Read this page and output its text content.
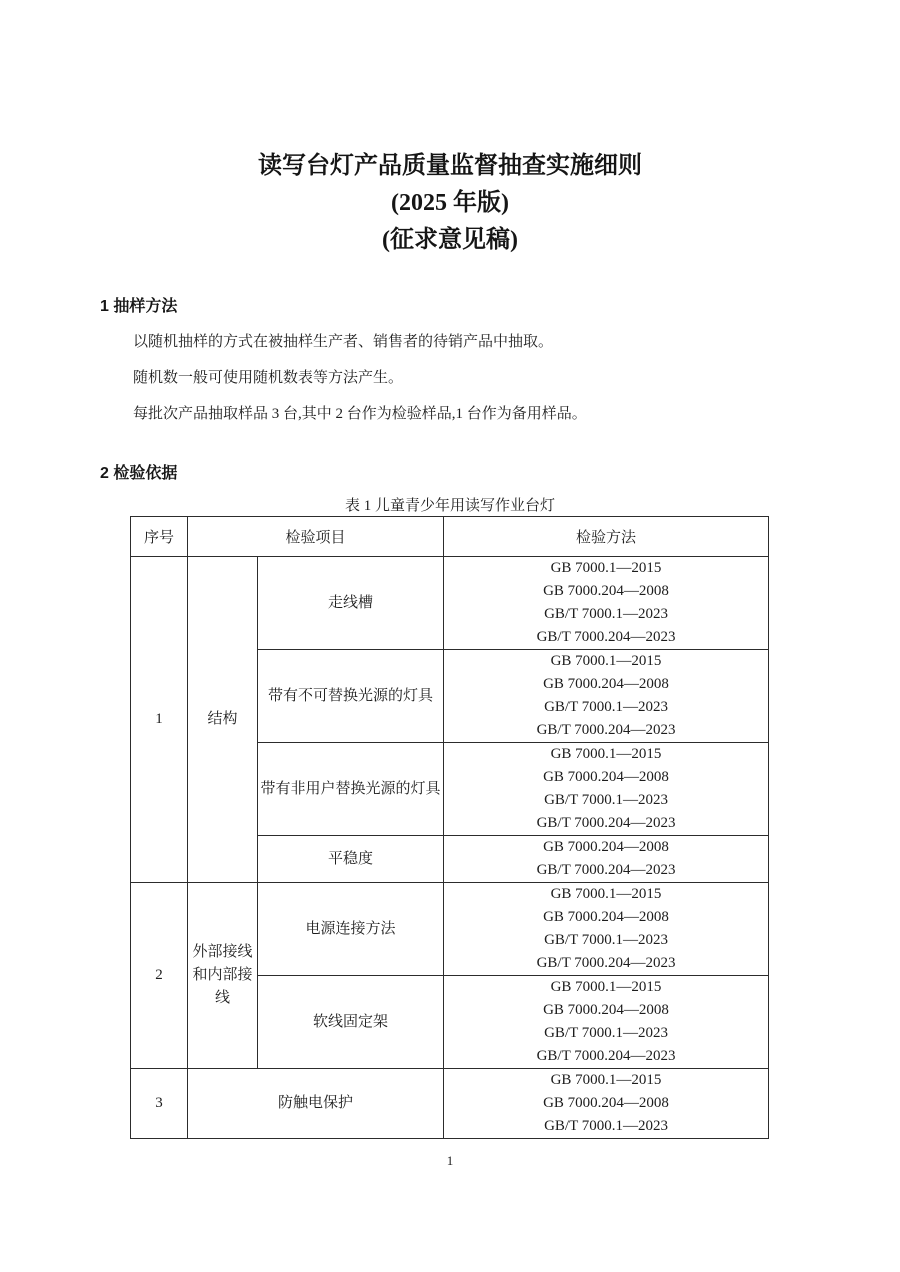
读写台灯产品质量监督抽查实施细则
(2025 年版)
(征求意见稿)
1 抽样方法

以随机抽样的方式在被抽样生产者、销售者的待销产品中抽取。

随机数一般可使用随机数表等方法产生。

每批次产品抽取样品 3 台,其中 2 台作为检验样品,1 台作为备用样品。

2 检验依据
表 1 儿童青少年用读写作业台灯
序号	检验项目		检验方法
1	结构	走线槽	GB 7000.1—2015
GB 7000.204—2008
GB/T 7000.1—2023
GB/T 7000.204—2023

		带有不可替换光源的灯具	GB 7000.1—2015
GB 7000.204—2008
GB/T 7000.1—2023
GB/T 7000.204—2023

		带有非用户替换光源的灯具	GB 7000.1—2015
GB 7000.204—2008
GB/T 7000.1—2023
GB/T 7000.204—2023

		平稳度	GB 7000.204—2008
GB/T 7000.204—2023

2	外部接线和内部接线	电源连接方法	GB 7000.1—2015
GB 7000.204—2008
GB/T 7000.1—2023
GB/T 7000.204—2023

		软线固定架	GB 7000.1—2015
GB 7000.204—2008
GB/T 7000.1—2023
GB/T 7000.204—2023

3	防触电保护		GB 7000.1—2015
GB 7000.204—2008
GB/T 7000.1—2023
1
